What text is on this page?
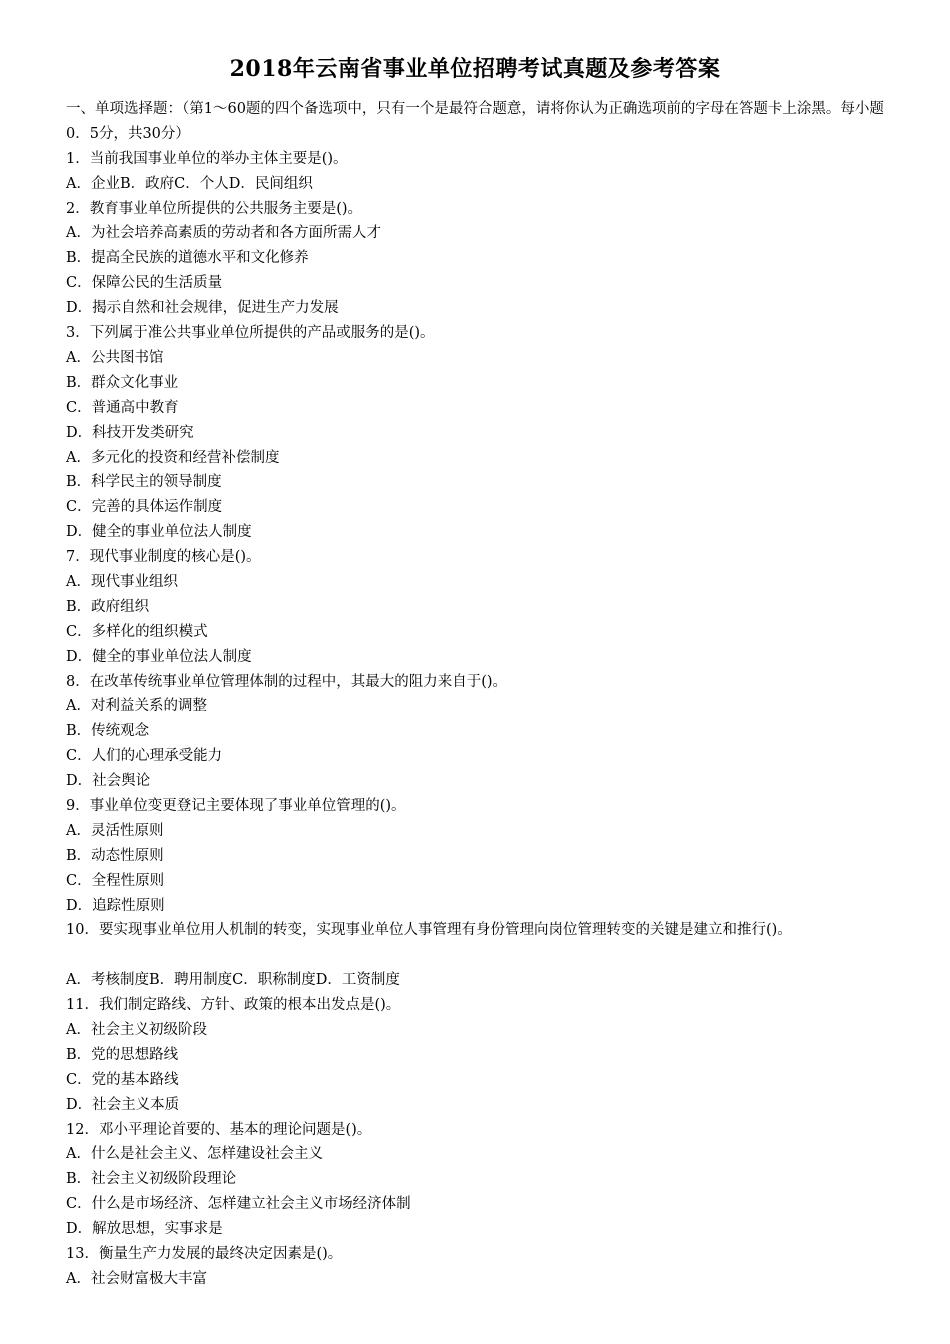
2018年云南省事业单位招聘考试真题及参考答案
一、单项选择题：（第1～60题的四个备选项中，只有一个是最符合题意，请将你认为正确选项前的字母在答题卡上涂黑。每小题0．5分，共30分）
1．当前我国事业单位的举办主体主要是()。
A．企业B．政府C．个人D．民间组织
2．教育事业单位所提供的公共服务主要是()。
A．为社会培养高素质的劳动者和各方面所需人才
B．提高全民族的道德水平和文化修养
C．保障公民的生活质量
D．揭示自然和社会规律，促进生产力发展
3．下列属于准公共事业单位所提供的产品或服务的是()。
A．公共图书馆
B．群众文化事业
C．普通高中教育
D．科技开发类研究
A．多元化的投资和经营补偿制度
B．科学民主的领导制度
C．完善的具体运作制度
D．健全的事业单位法人制度
7．现代事业制度的核心是()。
A．现代事业组织
B．政府组织
C．多样化的组织模式
D．健全的事业单位法人制度
8．在改革传统事业单位管理体制的过程中，其最大的阻力来自于()。
A．对利益关系的调整
B．传统观念
C．人们的心理承受能力
D．社会舆论
9．事业单位变更登记主要体现了事业单位管理的()。
A．灵活性原则
B．动态性原则
C．全程性原则
D．追踪性原则
10．要实现事业单位用人机制的转变，实现事业单位人事管理有身份管理向岗位管理转变的关键是建立和推行()。
A．考核制度B．聘用制度C．职称制度D．工资制度
11．我们制定路线、方针、政策的根本出发点是()。
A．社会主义初级阶段
B．党的思想路线
C．党的基本路线
D．社会主义本质
12．邓小平理论首要的、基本的理论问题是()。
A．什么是社会主义、怎样建设社会主义
B．社会主义初级阶段理论
C．什么是市场经济、怎样建立社会主义市场经济体制
D．解放思想，实事求是
13．衡量生产力发展的最终决定因素是()。
A．社会财富极大丰富
